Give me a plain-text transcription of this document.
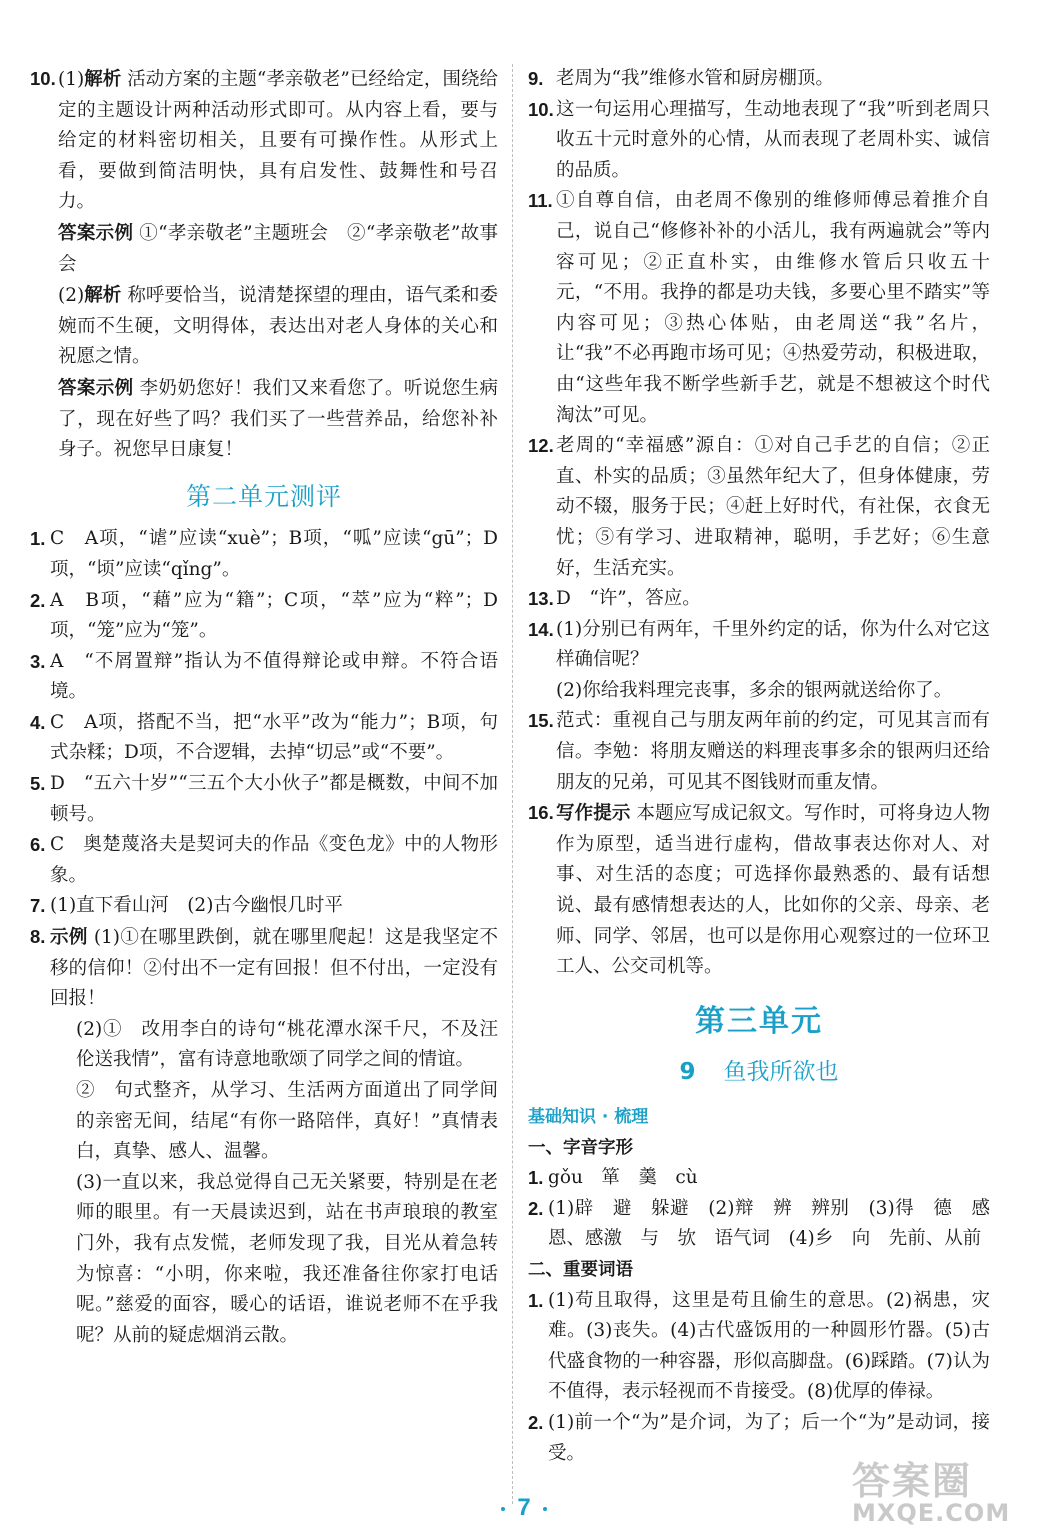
10. (1)解析 活动方案的主题“孝亲敬老”已经给定，围绕给定的主题设计两种活动形式即可。从内容上看，要与给定的材料密切相关，且要有可操作性。从形式上看，要做到简洁明快，具有启发性、鼓舞性和号召力。
答案示例 ①“孝亲敬老”主题班会　②“孝亲敬老”故事会
(2)解析 称呼要恰当，说清楚探望的理由，语气柔和委婉而不生硬，文明得体，表达出对老人身体的关心和祝愿之情。
答案示例 李奶奶您好！我们又来看您了。听说您生病了，现在好些了吗？我们买了一些营养品，给您补补身子。祝您早日康复！
第二单元测评
1. C　A项，“谑”应读“xuè”；B项，“呱”应读“gū”；D项，“顷”应读“qǐng”。
2. A　B项，“藉”应为“籍”；C项，“萃”应为“粹”；D项，“笼”应为“笼”。
3. A　“不屑置辩”指认为不值得辩论或申辩。不符合语境。
4. C　A项，搭配不当，把“水平”改为“能力”；B项，句式杂糅；D项，不合逻辑，去掉“切忌”或“不要”。
5. D　“五六十岁”“三五个大小伙子”都是概数，中间不加顿号。
6. C　奥楚蔑洛夫是契诃夫的作品《变色龙》中的人物形象。
7. (1)直下看山河　(2)古今幽恨几时平
8. 示例 (1)①在哪里跌倒，就在哪里爬起！这是我坚定不移的信仰！②付出不一定有回报！但不付出，一定没有回报！
(2)①　改用李白的诗句“桃花潭水深千尺，不及汪伦送我情”，富有诗意地歌颂了同学之间的情谊。
②　句式整齐，从学习、生活两方面道出了同学间的亲密无间，结尾“有你一路陪伴，真好！”真情表白，真挚、感人、温馨。
(3)一直以来，我总觉得自己无关紧要，特别是在老师的眼里。有一天晨读迟到，站在书声琅琅的教室门外，我有点发慌，老师发现了我，目光从着急转为惊喜：“小明，你来啦，我还准备往你家打电话呢。”慈爱的面容，暖心的话语，谁说老师不在乎我呢？从前的疑虑烟消云散。
9. 老周为“我”维修水管和厨房棚顶。
10. 这一句运用心理描写，生动地表现了“我”听到老周只收五十元时意外的心情，从而表现了老周朴实、诚信的品质。
11. ①自尊自信，由老周不像别的维修师傅忌着推介自己，说自己“修修补补的小活儿，我有两遍就会”等内容可见；②正直朴实，由维修水管后只收五十元，“不用。我挣的都是功夫钱，多要心里不踏实”等内容可见；③热心体贴，由老周送“我”名片，让“我”不必再跑市场可见；④热爱劳动，积极进取，由“这些年我不断学些新手艺，就是不想被这个时代淘汰”可见。
12. 老周的“幸福感”源自：①对自己手艺的自信；②正直、朴实的品质；③虽然年纪大了，但身体健康，劳动不辍，服务于民；④赶上好时代，有社保，衣食无忧；⑤有学习、进取精神，聪明，手艺好；⑥生意好，生活充实。
13. D　“许”，答应。
14. (1)分别已有两年，千里外约定的话，你为什么对它这样确信呢？
(2)你给我料理完丧事，多余的银两就送给你了。
15. 范式：重视自己与朋友两年前的约定，可见其言而有信。李勉：将朋友赠送的料理丧事多余的银两归还给朋友的兄弟，可见其不图钱财而重友情。
16. 写作提示 本题应写成记叙文。写作时，可将身边人物作为原型，适当进行虚构，借故事表达你对人、对事、对生活的态度；可选择你最熟悉的、最有话想说、最有感情想表达的人，比如你的父亲、母亲、老师、同学、邻居，也可以是你用心观察过的一位环卫工人、公交司机等。
第三单元
9 鱼我所欲也
基础知识 · 梳理
一、字音字形
1. gǒu　箪　羹　cù
2. (1)辟　避　躲避　(2)辩　辨　辨别　(3)得　德　感恩、感激　与　欤　语气词　(4)乡　向　先前、从前
二、重要词语
1. (1)苟且取得，这里是苟且偷生的意思。(2)祸患，灾难。(3)丧失。(4)古代盛饭用的一种圆形竹器。(5)古代盛食物的一种容器，形似高脚盘。(6)踩踏。(7)认为不值得，表示轻视而不肯接受。(8)优厚的俸禄。
2. (1)前一个“为”是介词，为了；后一个“为”是动词，接受。
7
答案圈
MXQE.COM
